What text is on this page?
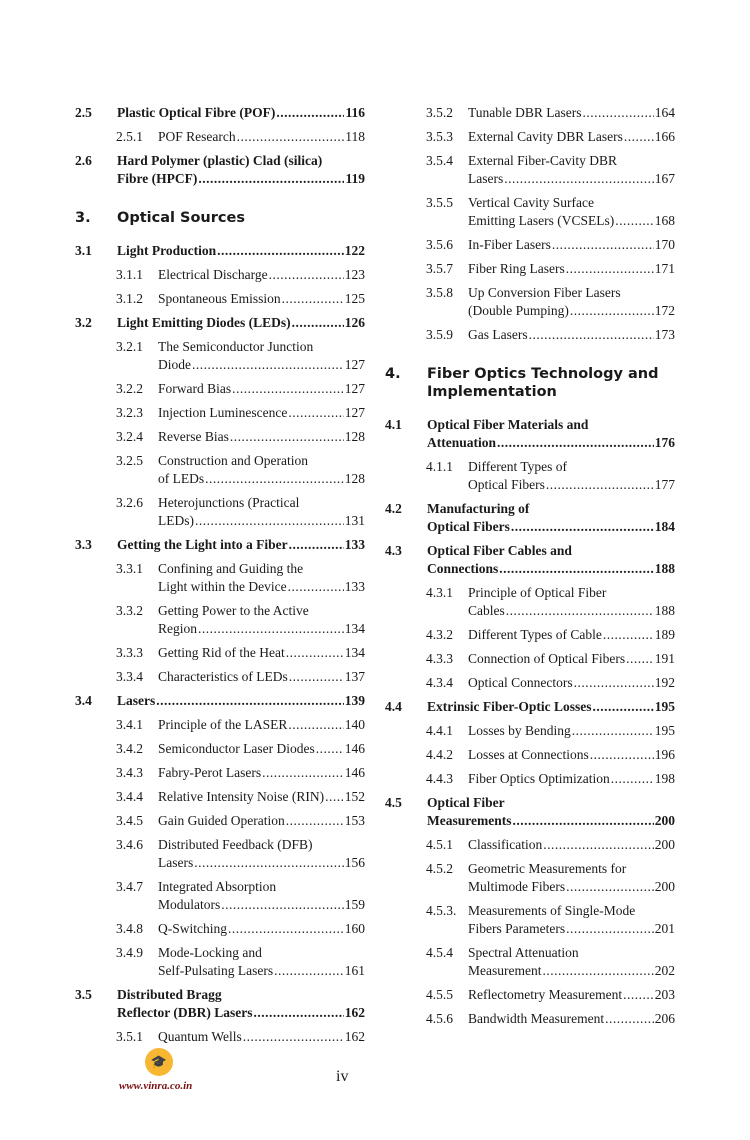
2.5 Plastic Optical Fibre (POF) .....	116
2.5.1 POF Research .....	118
2.6 Hard Polymer (plastic) Clad (silica)
Fibre (HPCF) .....	119
3. Optical Sources
3.1 Light Production .....	122
3.1.1 Electrical Discharge .....	123
3.1.2 Spontaneous Emission .....	125
3.2 Light Emitting Diodes (LEDs) .....	126
3.2.1 The Semiconductor Junction
Diode .....	127
3.2.2 Forward Bias .....	127
3.2.3 Injection Luminescence .....	127
3.2.4 Reverse Bias .....	128
3.2.5 Construction and Operation
of LEDs .....	128
3.2.6 Heterojunctions (Practical
LEDs) .....	131
3.3 Getting the Light into a Fiber .....	133
3.3.1 Confining and Guiding the
Light within the Device .....	133
3.3.2 Getting Power to the Active
Region .....	134
3.3.3 Getting Rid of the Heat .....	134
3.3.4 Characteristics of LEDs .....	137
3.4 Lasers .....	139
3.4.1 Principle of the LASER .....	140
3.4.2 Semiconductor Laser Diodes ..... 146
3.4.3 Fabry-Perot Lasers .....	146
3.4.4 Relative Intensity Noise (RIN) ..... 152
3.4.5 Gain Guided Operation .....	153
3.4.6 Distributed Feedback (DFB)
Lasers .....	156
3.4.7 Integrated Absorption
Modulators .....	159
3.4.8 Q-Switching .....	160
3.4.9 Mode-Locking and
Self-Pulsating Lasers .....	161
3.5 Distributed Bragg
Reflector (DBR) Lasers .....	162
3.5.1 Quantum Wells .....	162
3.5.2 Tunable DBR Lasers .....	164
3.5.3 External Cavity DBR Lasers ..... 166
3.5.4 External Fiber-Cavity DBR
Lasers .....	167
3.5.5 Vertical Cavity Surface
Emitting Lasers (VCSELs) .....	168
3.5.6 In-Fiber Lasers .....	170
3.5.7 Fiber Ring Lasers .....	171
3.5.8 Up Conversion Fiber Lasers
(Double Pumping) .....	172
3.5.9 Gas Lasers .....	173
4. Fiber Optics Technology and
Implementation
4.1 Optical Fiber Materials and
Attenuation .....	176
4.1.1 Different Types of
Optical Fibers .....	177
4.2 Manufacturing of
Optical Fibers .....	184
4.3 Optical Fiber Cables and
Connections .....	188
4.3.1 Principle of Optical Fiber
Cables .....	188
4.3.2 Different Types of Cable .....	189
4.3.3 Connection of Optical Fibers ..... 191
4.3.4 Optical Connectors .....	192
4.4 Extrinsic Fiber-Optic Losses .....	195
4.4.1 Losses by Bending .....	195
4.4.2 Losses at Connections .....	196
4.4.3 Fiber Optics Optimization .....	198
4.5 Optical Fiber
Measurements .....	200
4.5.1 Classification .....	200
4.5.2 Geometric Measurements for
Multimode Fibers .....	200
4.5.3. Measurements of Single-Mode
Fibers Parameters .....	201
4.5.4 Spectral Attenuation
Measurement .....	202
4.5.5 Reflectometry Measurement ..... 203
4.5.6 Bandwidth Measurement .....	206
🎓
www.vinra.co.in
iv
